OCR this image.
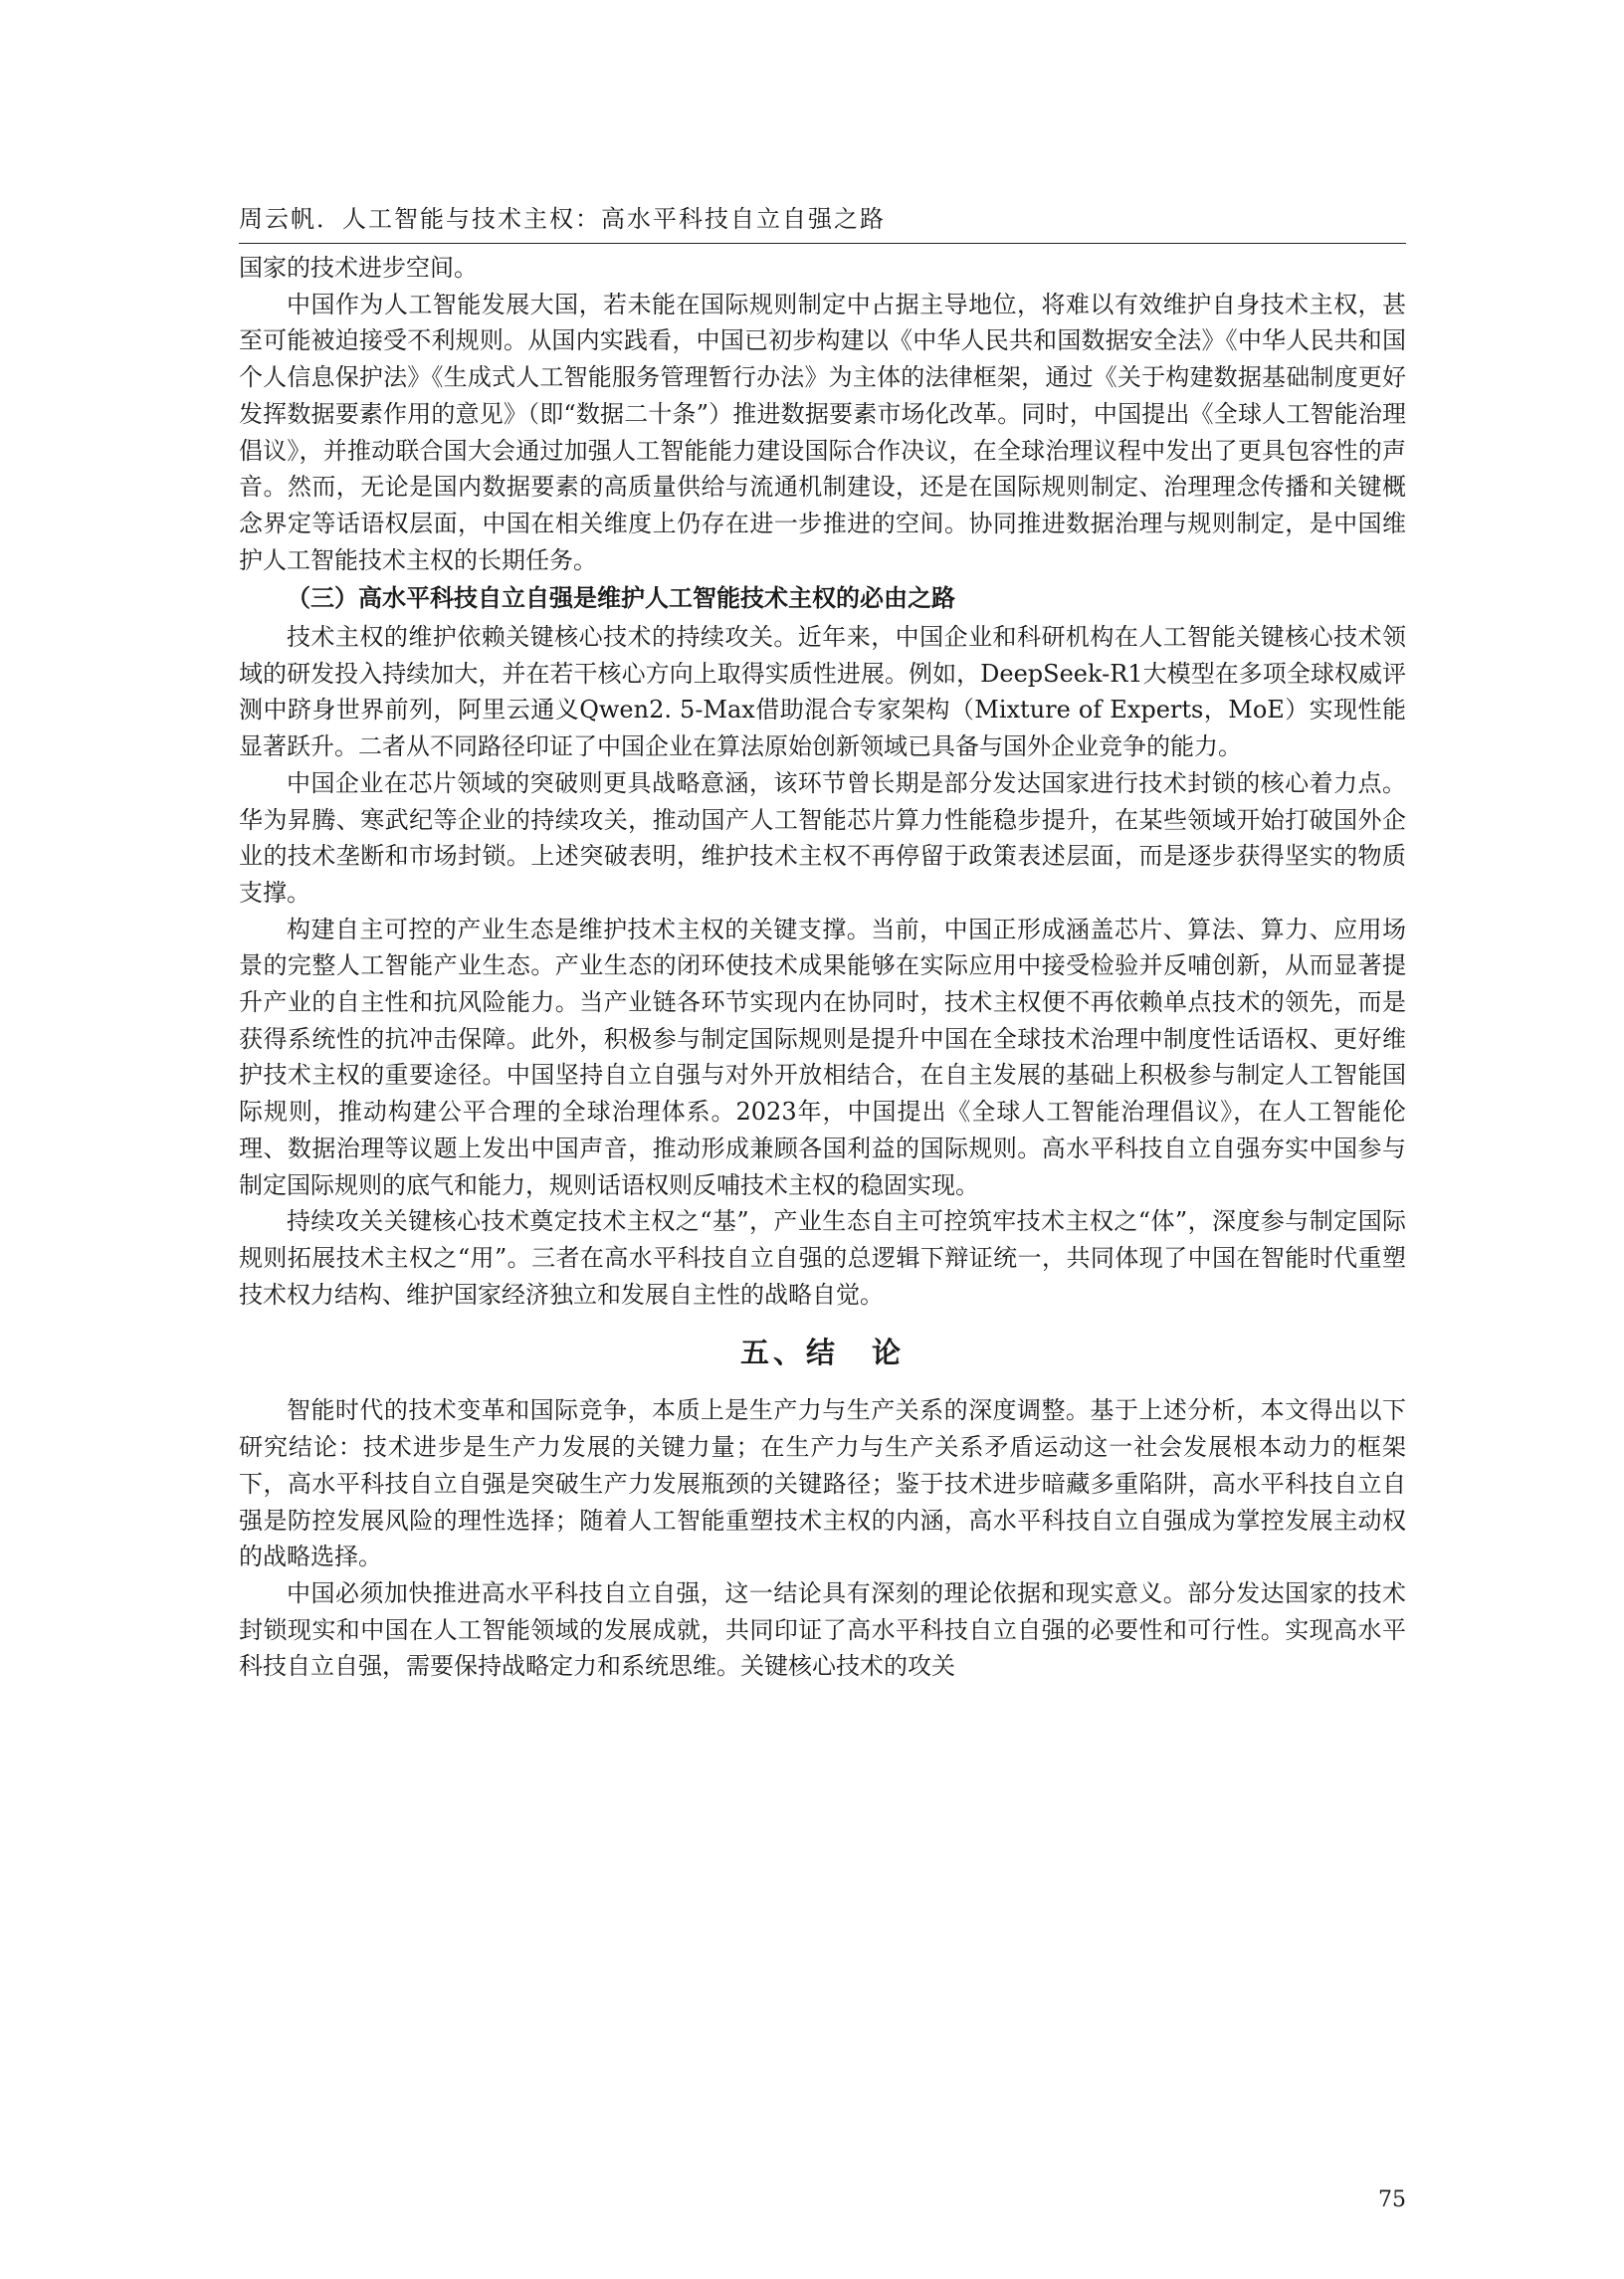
周云帆．人工智能与技术主权：高水平科技自立自强之路

国家的技术进步空间。

中国作为人工智能发展大国，若未能在国际规则制定中占据主导地位，将难以有效维护自身技术主权，甚至可能被迫接受不利规则。从国内实践看，中国已初步构建以《中华人民共和国数据安全法》《中华人民共和国个人信息保护法》《生成式人工智能服务管理暂行办法》为主体的法律框架，通过《关于构建数据基础制度更好发挥数据要素作用的意见》（即“数据二十条”）推进数据要素市场化改革。同时，中国提出《全球人工智能治理倡议》，并推动联合国大会通过加强人工智能能力建设国际合作决议，在全球治理议程中发出了更具包容性的声音。然而，无论是国内数据要素的高质量供给与流通机制建设，还是在国际规则制定、治理理念传播和关键概念界定等话语权层面，中国在相关维度上仍存在进一步推进的空间。协同推进数据治理与规则制定，是中国维护人工智能技术主权的长期任务。

（三）高水平科技自立自强是维护人工智能技术主权的必由之路

技术主权的维护依赖关键核心技术的持续攻关。近年来，中国企业和科研机构在人工智能关键核心技术领域的研发投入持续加大，并在若干核心方向上取得实质性进展。例如，DeepSeek-R1大模型在多项全球权威评测中跻身世界前列，阿里云通义Qwen2. 5-Max借助混合专家架构（Mixture of Experts，MoE）实现性能显著跃升。二者从不同路径印证了中国企业在算法原始创新领域已具备与国外企业竞争的能力。

中国企业在芯片领域的突破则更具战略意涵，该环节曾长期是部分发达国家进行技术封锁的核心着力点。华为昇腾、寒武纪等企业的持续攻关，推动国产人工智能芯片算力性能稳步提升，在某些领域开始打破国外企业的技术垄断和市场封锁。上述突破表明，维护技术主权不再停留于政策表述层面，而是逐步获得坚实的物质支撑。

构建自主可控的产业生态是维护技术主权的关键支撑。当前，中国正形成涵盖芯片、算法、算力、应用场景的完整人工智能产业生态。产业生态的闭环使技术成果能够在实际应用中接受检验并反哺创新，从而显著提升产业的自主性和抗风险能力。当产业链各环节实现内在协同时，技术主权便不再依赖单点技术的领先，而是获得系统性的抗冲击保障。此外，积极参与制定国际规则是提升中国在全球技术治理中制度性话语权、更好维护技术主权的重要途径。中国坚持自立自强与对外开放相结合，在自主发展的基础上积极参与制定人工智能国际规则，推动构建公平合理的全球治理体系。2023年，中国提出《全球人工智能治理倡议》，在人工智能伦理、数据治理等议题上发出中国声音，推动形成兼顾各国利益的国际规则。高水平科技自立自强夯实中国参与制定国际规则的底气和能力，规则话语权则反哺技术主权的稳固实现。

持续攻关关键核心技术奠定技术主权之“基”，产业生态自主可控筑牢技术主权之“体”，深度参与制定国际规则拓展技术主权之“用”。三者在高水平科技自立自强的总逻辑下辩证统一，共同体现了中国在智能时代重塑技术权力结构、维护国家经济独立和发展自主性的战略自觉。

五、结　论

智能时代的技术变革和国际竞争，本质上是生产力与生产关系的深度调整。基于上述分析，本文得出以下研究结论：技术进步是生产力发展的关键力量；在生产力与生产关系矛盾运动这一社会发展根本动力的框架下，高水平科技自立自强是突破生产力发展瓶颈的关键路径；鉴于技术进步暗藏多重陷阱，高水平科技自立自强是防控发展风险的理性选择；随着人工智能重塑技术主权的内涵，高水平科技自立自强成为掌控发展主动权的战略选择。

中国必须加快推进高水平科技自立自强，这一结论具有深刻的理论依据和现实意义。部分发达国家的技术封锁现实和中国在人工智能领域的发展成就，共同印证了高水平科技自立自强的必要性和可行性。实现高水平科技自立自强，需要保持战略定力和系统思维。关键核心技术的攻关

75
